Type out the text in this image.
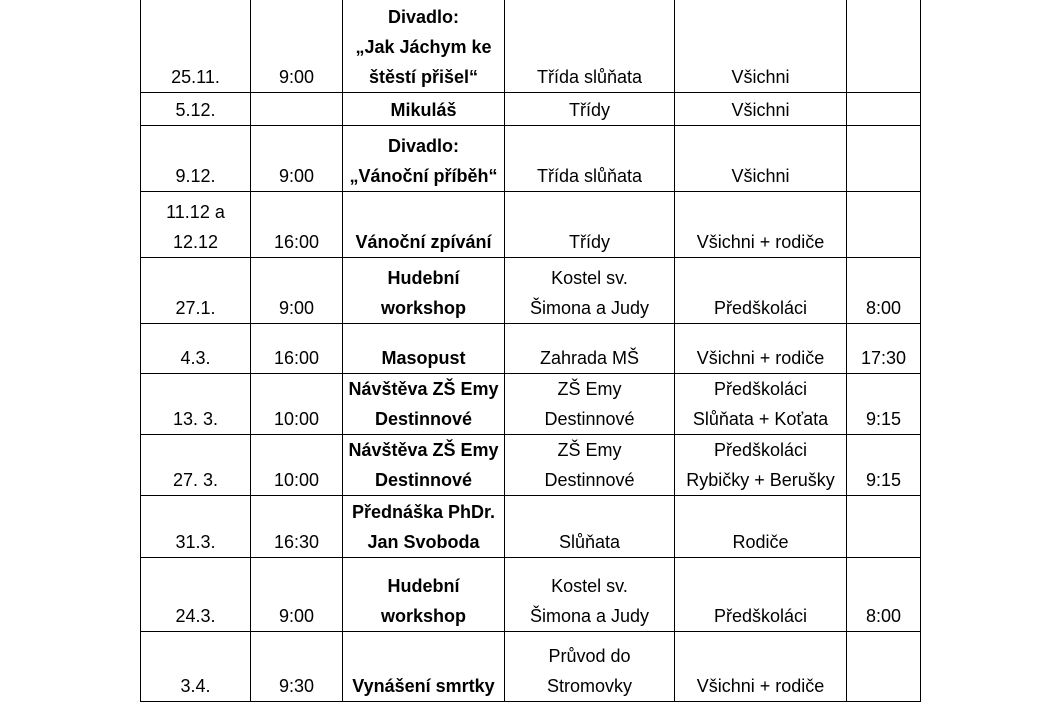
25.11.	9:00	Divadlo:
„Jak Jáchym ke
štěstí přišel“	Třída slůňata	Všichni	

5.12.		Mikuláš	Třídy	Všichni	

9.12.	9:00	Divadlo:
„Vánoční příběh“	Třída slůňata	Všichni	

11.12 a
12.12	16:00	Vánoční zpívání	Třídy	Všichni + rodiče	

27.1.	9:00	Hudební
workshop	Kostel sv.
Šimona a Judy	Předškoláci	8:00

4.3.	16:00	Masopust	Zahrada MŠ	Všichni + rodiče	17:30

13. 3.	10:00	Návštěva ZŠ Emy
Destinnové	ZŠ Emy
Destinnové	Předškoláci
Slůňata + Koťata	9:15

27. 3.	10:00	Návštěva ZŠ Emy
Destinnové	ZŠ Emy
Destinnové	Předškoláci
Rybičky + Berušky	9:15

31.3.	16:30	Přednáška PhDr.
Jan Svoboda	Slůňata	Rodiče	

24.3.	9:00	Hudební
workshop	Kostel sv.
Šimona a Judy	Předškoláci	8:00

3.4.	9:30	Vynášení smrtky	Průvod do
Stromovky	Všichni + rodiče	
